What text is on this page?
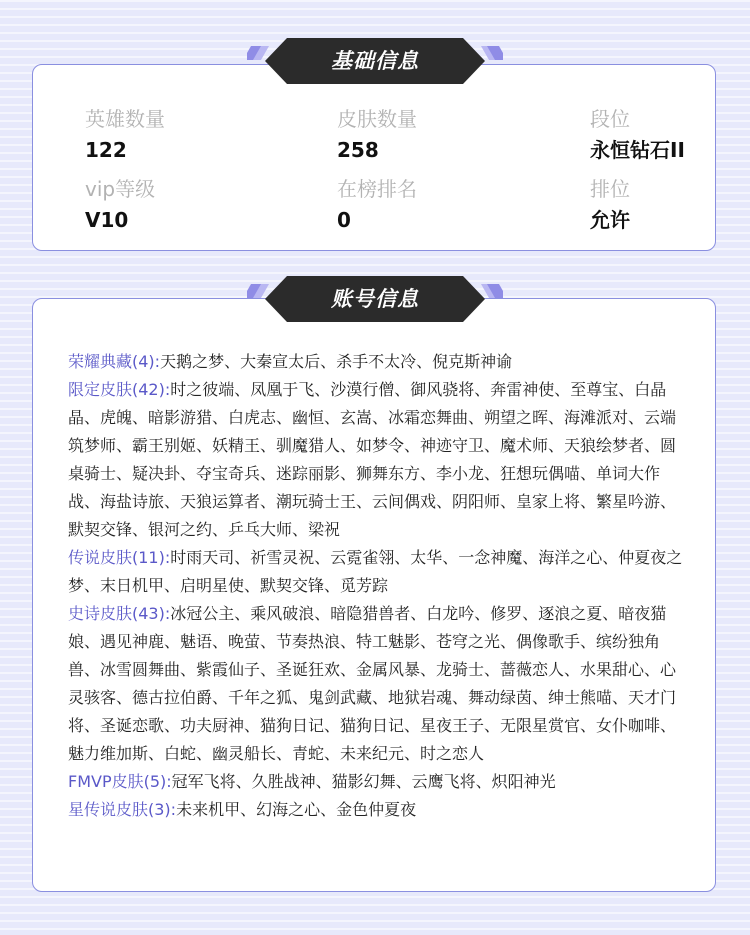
英雄数量
122
皮肤数量
258
段位
永恒钻石II
vip等级
V10
在榜排名
0
排位
允许
基础信息

荣耀典藏(4):天鹅之梦、大秦宣太后、杀手不太冷、倪克斯神谕

限定皮肤(42):时之彼端、凤凰于飞、沙漠行僧、御风骁将、奔雷神使、至尊宝、白晶晶、虎魄、暗影游猎、白虎志、幽恒、玄嵩、冰霜恋舞曲、朔望之晖、海滩派对、云端筑梦师、霸王别姬、妖精王、驯魔猎人、如梦令、神迹守卫、魔术师、天狼绘梦者、圆桌骑士、疑决卦、夺宝奇兵、迷踪丽影、狮舞东方、李小龙、狂想玩偶喵、单词大作战、海盐诗旅、天狼运算者、潮玩骑士王、云间偶戏、阴阳师、皇家上将、繁星吟游、默契交锋、银河之约、乒乓大师、梁祝

传说皮肤(11):时雨天司、祈雪灵祝、云霓雀翎、太华、一念神魔、海洋之心、仲夏夜之梦、末日机甲、启明星使、默契交锋、觅芳踪

史诗皮肤(43):冰冠公主、乘风破浪、暗隐猎兽者、白龙吟、修罗、逐浪之夏、暗夜猫娘、遇见神鹿、魅语、晚萤、节奏热浪、特工魅影、苍穹之光、偶像歌手、缤纷独角兽、冰雪圆舞曲、紫霞仙子、圣诞狂欢、金属风暴、龙骑士、蔷薇恋人、水果甜心、心灵骇客、德古拉伯爵、千年之狐、鬼剑武藏、地狱岩魂、舞动绿茵、绅士熊喵、天才门将、圣诞恋歌、功夫厨神、猫狗日记、猫狗日记、星夜王子、无限星赏官、女仆咖啡、魅力维加斯、白蛇、幽灵船长、青蛇、未来纪元、时之恋人

FMVP皮肤(5):冠军飞将、久胜战神、猫影幻舞、云鹰飞将、炽阳神光

星传说皮肤(3):未来机甲、幻海之心、金色仲夏夜

账号信息
